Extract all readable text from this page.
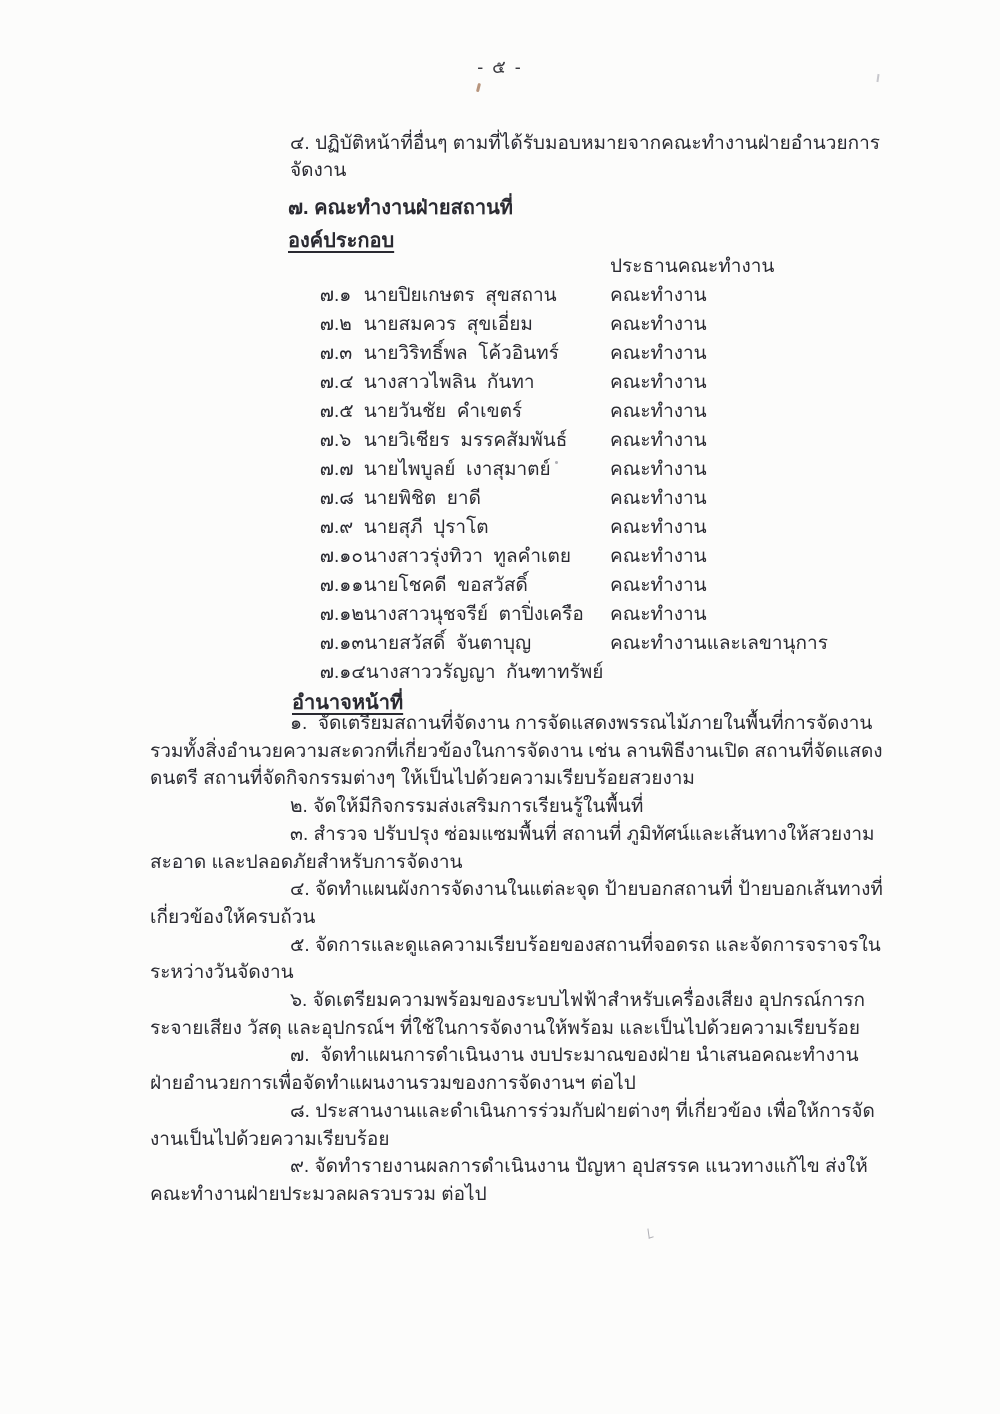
- ๕ -
๔. ปฏิบัติหน้าที่อื่นๆ ตามที่ได้รับมอบหมายจากคณะทำงานฝ่ายอำนวยการจัดงาน
๗. คณะทำงานฝ่ายสถานที่
องค์ประกอบ

๗.๑ นายปิยเกษตร  สุขสถาน

ประธานคณะทำงาน

๗.๒ นายสมควร  สุขเอี่ยม

คณะทำงาน

๗.๓ นายวิริทธิ์พล  โค้วอินทร์

คณะทำงาน

๗.๔ นางสาวไพลิน  กันทา

คณะทำงาน

๗.๕ นายวันชัย  คำเขตร์

คณะทำงาน

๗.๖ นายวิเชียร  มรรคสัมพันธ์

คณะทำงาน

๗.๗ นายไพบูลย์  เงาสุมาตย์

คณะทำงาน

๗.๘ นายพิชิต  ยาดี

คณะทำงาน

๗.๙ นายสุภี  ปุราโต

คณะทำงาน

๗.๑๐นางสาวรุ่งทิวา  ทูลคำเตย

คณะทำงาน

๗.๑๑นายโชคดี  ขอสวัสดิ์

คณะทำงาน

๗.๑๒นางสาวนุชจรีย์  ตาปิ่งเครือ

คณะทำงาน

๗.๑๓นายสวัสดิ์  จันตาบุญ

คณะทำงาน

๗.๑๔นางสาววรัญญา  กันฑาทรัพย์

คณะทำงานและเลขานุการ

อำนาจหน้าที่

๑.  จัดเตรียมสถานที่จัดงาน การจัดแสดงพรรณไม้ภายในพื้นที่การจัดงาน รวมทั้งสิ่งอำนวยความสะดวกที่เกี่ยวข้องในการจัดงาน เช่น ลานพิธีงานเปิด สถานที่จัดแสดงดนตรี สถานที่จัดกิจกรรมต่างๆ ให้เป็นไปด้วยความเรียบร้อยสวยงาม

๒. จัดให้มีกิจกรรมส่งเสริมการเรียนรู้ในพื้นที่

๓. สำรวจ ปรับปรุง ซ่อมแซมพื้นที่ สถานที่ ภูมิทัศน์และเส้นทางให้สวยงาม สะอาด และปลอดภัยสำหรับการจัดงาน

๔. จัดทำแผนผังการจัดงานในแต่ละจุด ป้ายบอกสถานที่ ป้ายบอกเส้นทางที่เกี่ยวข้องให้ครบถ้วน

๕. จัดการและดูแลความเรียบร้อยของสถานที่จอดรถ และจัดการจราจรในระหว่างวันจัดงาน

๖. จัดเตรียมความพร้อมของระบบไฟฟ้าสำหรับเครื่องเสียง อุปกรณ์การกระจายเสียง วัสดุ และอุปกรณ์ฯ ที่ใช้ในการจัดงานให้พร้อม และเป็นไปด้วยความเรียบร้อย

๗.  จัดทำแผนการดำเนินงาน งบประมาณของฝ่าย นำเสนอคณะทำงานฝ่ายอำนวยการเพื่อจัดทำแผนงานรวมของการจัดงานฯ ต่อไป

๘. ประสานงานและดำเนินการร่วมกับฝ่ายต่างๆ ที่เกี่ยวข้อง เพื่อให้การจัดงานเป็นไปด้วยความเรียบร้อย

๙. จัดทำรายงานผลการดำเนินงาน ปัญหา อุปสรรค แนวทางแก้ไข ส่งให้คณะทำงานฝ่ายประมวลผลรวบรวม ต่อไป
